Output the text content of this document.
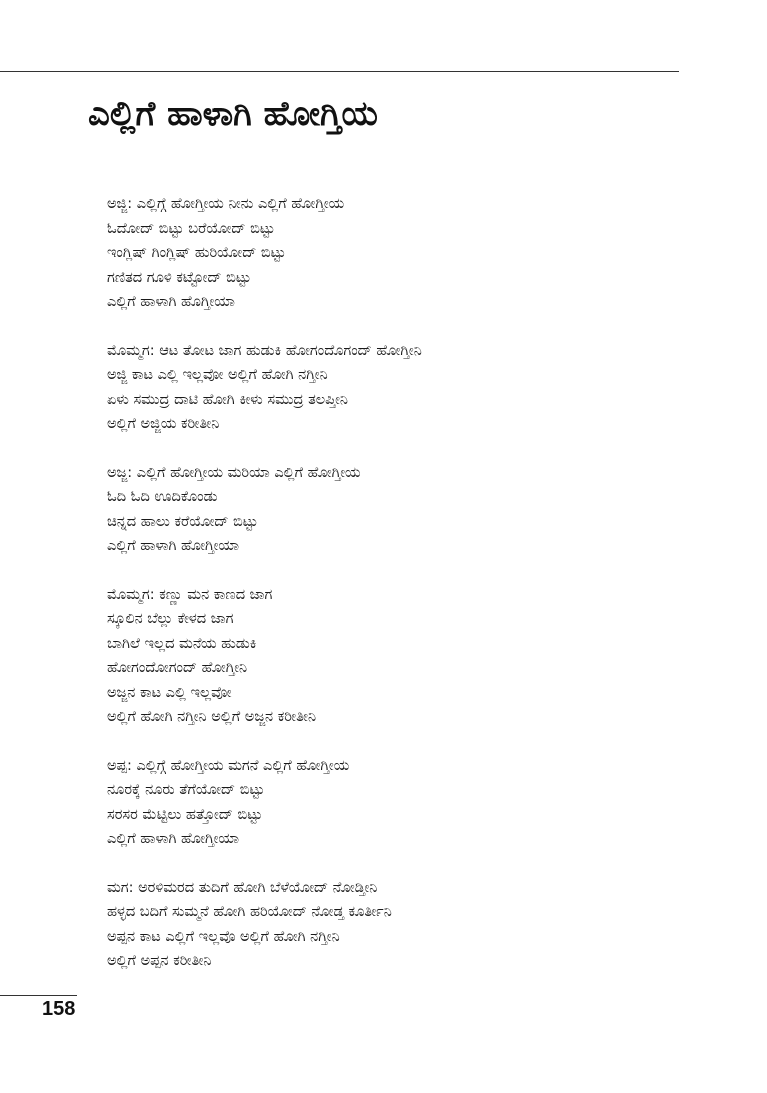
ಎಲ್ಲಿಗೆ ಹಾಳಾಗಿ ಹೋಗ್ತಿಯ
ಅಜ್ಜಿ: ಎಲ್ಲಿಗ್ಗೆ ಹೋಗ್ತೀಯ ನೀನು ಎಲ್ಲಿಗೆ ಹೋಗ್ತೀಯ
ಓದೋದ್ ಬಿಟ್ಟು ಬರೆಯೋದ್ ಬಿಟ್ಟು
ಇಂಗ್ಲಿಷ್ ಗಿಂಗ್ಲಿಷ್ ಹುರಿಯೋದ್ ಬಿಟ್ಟು
ಗಣಿತದ ಗೂಳಿ ಕಟ್ಟೋದ್ ಬಿಟ್ಟು
ಎಲ್ಲಿಗೆ ಹಾಳಾಗಿ ಹೊಗ್ತೀಯಾ
ಮೊಮ್ಮಗ: ಆಟ ತೋಟ ಜಾಗ ಹುಡುಕಿ ಹೋಗಂದೊಗಂದ್ ಹೋಗ್ತೀನಿ
ಅಜ್ಜಿ ಕಾಟ ಎಲ್ಲಿ ಇಲ್ಲವೋ ಅಲ್ಲಿಗೆ ಹೋಗಿ ನಗ್ತೀನಿ
ಏಳು ಸಮುದ್ರ ದಾಟಿ ಹೋಗಿ ಕೀಳು ಸಮುದ್ರ ತಲಪ್ತೀನಿ
ಅಲ್ಲಿಗೆ ಅಜ್ಜಿಯ ಕರೀತೀನಿ
ಅಜ್ಜ: ಎಲ್ಲಿಗೆ ಹೋಗ್ತೀಯ ಮರಿಯಾ ಎಲ್ಲಿಗೆ ಹೋಗ್ತೀಯ
ಓದಿ ಓದಿ ಊದಿಕೊಂಡು
ಚಿನ್ನದ ಹಾಲು ಕರೆಯೋದ್ ಬಿಟ್ಟು
ಎಲ್ಲಿಗೆ ಹಾಳಾಗಿ ಹೋಗ್ತೀಯಾ
ಮೊಮ್ಮಗ: ಕಣ್ಣು ಮನ ಕಾಣದ ಜಾಗ
ಸ್ಕೂಲಿನ ಬೆಲ್ಲು ಕೇಳದ ಜಾಗ
ಬಾಗಿಲೆ ಇಲ್ಲದ ಮನೆಯ ಹುಡುಕಿ
ಹೋಗಂದೋಗಂದ್ ಹೋಗ್ತೀನಿ
ಅಜ್ಜನ ಕಾಟ ಎಲ್ಲಿ ಇಲ್ಲವೋ
ಅಲ್ಲಿಗೆ ಹೋಗಿ ನಗ್ತೀನಿ ಅಲ್ಲಿಗೆ ಅಜ್ಜನ ಕರೀತೀನಿ
ಅಪ್ಪ: ಎಲ್ಲಿಗ್ಗೆ ಹೋಗ್ತೀಯ ಮಗನೆ ಎಲ್ಲಿಗೆ ಹೋಗ್ತೀಯ
ನೂರಕ್ಕೆ ನೂರು ತೆಗೆಯೋದ್ ಬಿಟ್ಟು
ಸರಸರ ಮೆಟ್ಟಿಲು ಹತ್ತೋದ್ ಬಿಟ್ಟು
ಎಲ್ಲಿಗೆ ಹಾಳಾಗಿ ಹೋಗ್ತೀಯಾ
ಮಗ: ಅರಳಿಮರದ ತುದಿಗೆ ಹೋಗಿ ಬೆಳೆಯೋದ್ ನೋಡ್ತೀನಿ
ಹಳ್ಳದ ಬದಿಗೆ ಸುಮ್ಮನೆ ಹೋಗಿ ಹರಿಯೋದ್ ನೋಡ್ತ ಕೂರ್ತೀನಿ
ಅಪ್ಪನ ಕಾಟ ಎಲ್ಲಿಗೆ ಇಲ್ಲವೊ ಅಲ್ಲಿಗೆ ಹೋಗಿ ನಗ್ತೀನಿ
ಅಲ್ಲಿಗೆ ಅಪ್ಪನ ಕರೀತೀನಿ
158
